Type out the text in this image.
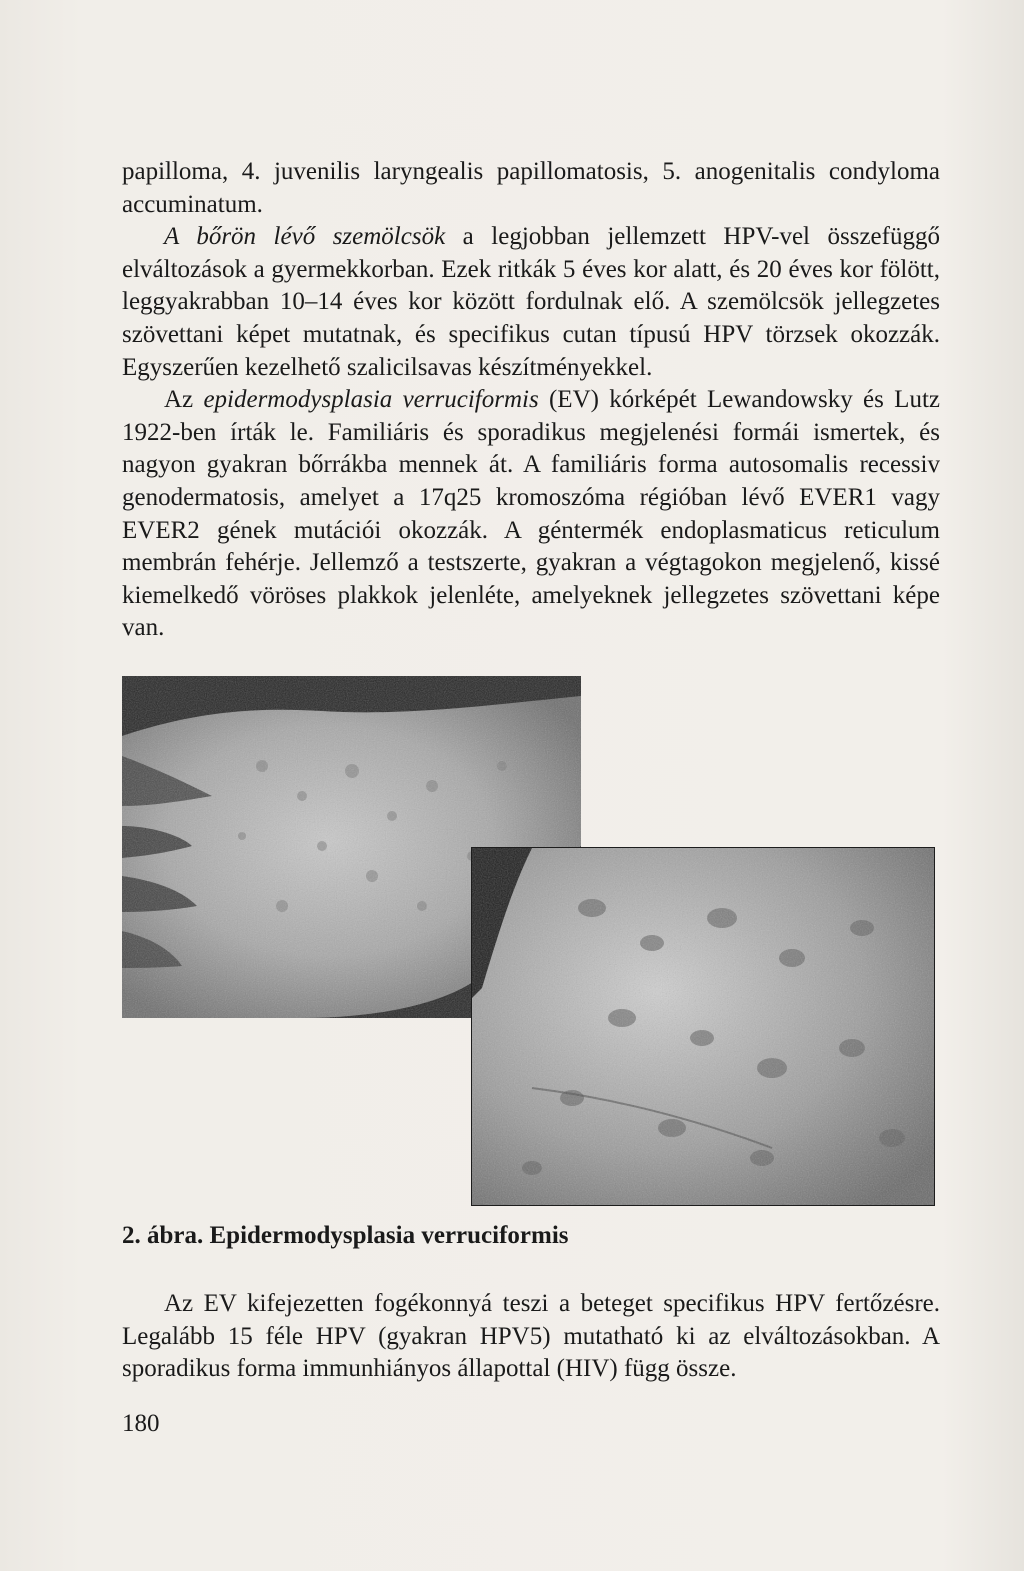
papilloma, 4. juvenilis laryngealis papillomatosis, 5. anogenitalis condyloma accuminatum.

A bőrön lévő szemölcsök a legjobban jellemzett HPV-vel összefüggő elváltozások a gyermekkorban. Ezek ritkák 5 éves kor alatt, és 20 éves kor fölött, leggyakrabban 10–14 éves kor között fordulnak elő. A szemölcsök jellegzetes szövettani képet mutatnak, és specifikus cutan típusú HPV törzsek okozzák. Egyszerűen kezelhető szalicilsavas készítményekkel.

Az epidermodysplasia verruciformis (EV) kórképét Lewandowsky és Lutz 1922-ben írták le. Familiáris és sporadikus megjelenési formái ismertek, és nagyon gyakran bőrrákba mennek át. A familiáris forma autosomalis recessiv genodermatosis, amelyet a 17q25 kromoszóma régióban lévő EVER1 vagy EVER2 gének mutációi okozzák. A géntermék endoplasmaticus reticulum membrán fehérje. Jellemző a testszerte, gyakran a végtagokon megjelenő, kissé kiemelkedő vöröses plakkok jelenléte, amelyeknek jellegzetes szövettani képe van.

2. ábra. Epidermodysplasia verruciformis

Az EV kifejezetten fogékonnyá teszi a beteget specifikus HPV fertőzésre. Legalább 15 féle HPV (gyakran HPV5) mutatható ki az elváltozásokban. A sporadikus forma immunhiányos állapottal (HIV) függ össze.

180
